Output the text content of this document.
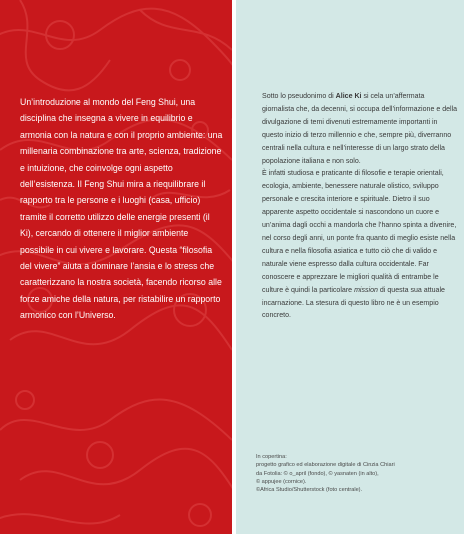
Un’introduzione al mondo del Feng Shui, una disciplina che insegna a vivere in equilibrio e armonia con la natura e con il proprio ambiente: una millenaria combinazione tra arte, scienza, tradizione e intuizione, che coinvolge ogni aspetto dell’esistenza. Il Feng Shui mira a riequilibrare il rapporto tra le persone e i luoghi (casa, ufficio) tramite il corretto utilizzo delle energie presenti (il Ki), cercando di ottenere il miglior ambiente possibile in cui vivere e lavorare. Questa “filosofia del vivere” aiuta a dominare l’ansia e lo stress che caratterizzano la nostra società, facendo ricorso alle forze amiche della natura, per ristabilire un rapporto armonico con l’Universo.

Sotto lo pseudonimo di Alice Ki si cela un’affermata giornalista che, da decenni, si occupa dell’informazione e della divulgazione di temi divenuti estremamente importanti in questo inizio di terzo millennio e che, sempre più, diverranno centrali nella cultura e nell’interesse di un largo strato della popolazione italiana e non solo.
È infatti studiosa e praticante di filosofie e terapie orientali, ecologia, ambiente, benessere naturale olistico, sviluppo personale e crescita interiore e spirituale. Dietro il suo apparente aspetto occidentale si nascondono un cuore e un’anima dagli occhi a mandorla che l’hanno spinta a divenire, nel corso degli anni, un ponte fra quanto di meglio esiste nella cultura e nella filosofia asiatica e tutto ciò che di valido e naturale viene espresso dalla cultura occidentale. Far conoscere e apprezzare le migliori qualità di entrambe le culture è quindi la particolare mission di questa sua attuale incarnazione. La stesura di questo libro ne è un esempio concreto.

In copertina:
progetto grafico ed elaborazione digitale di Cinzia Chiari
da Fotolia: © o_april (fondo), © yasnaten (in alto),
© appujee (cornice).
©Africa Studio/Shutterstock (foto centrale).
